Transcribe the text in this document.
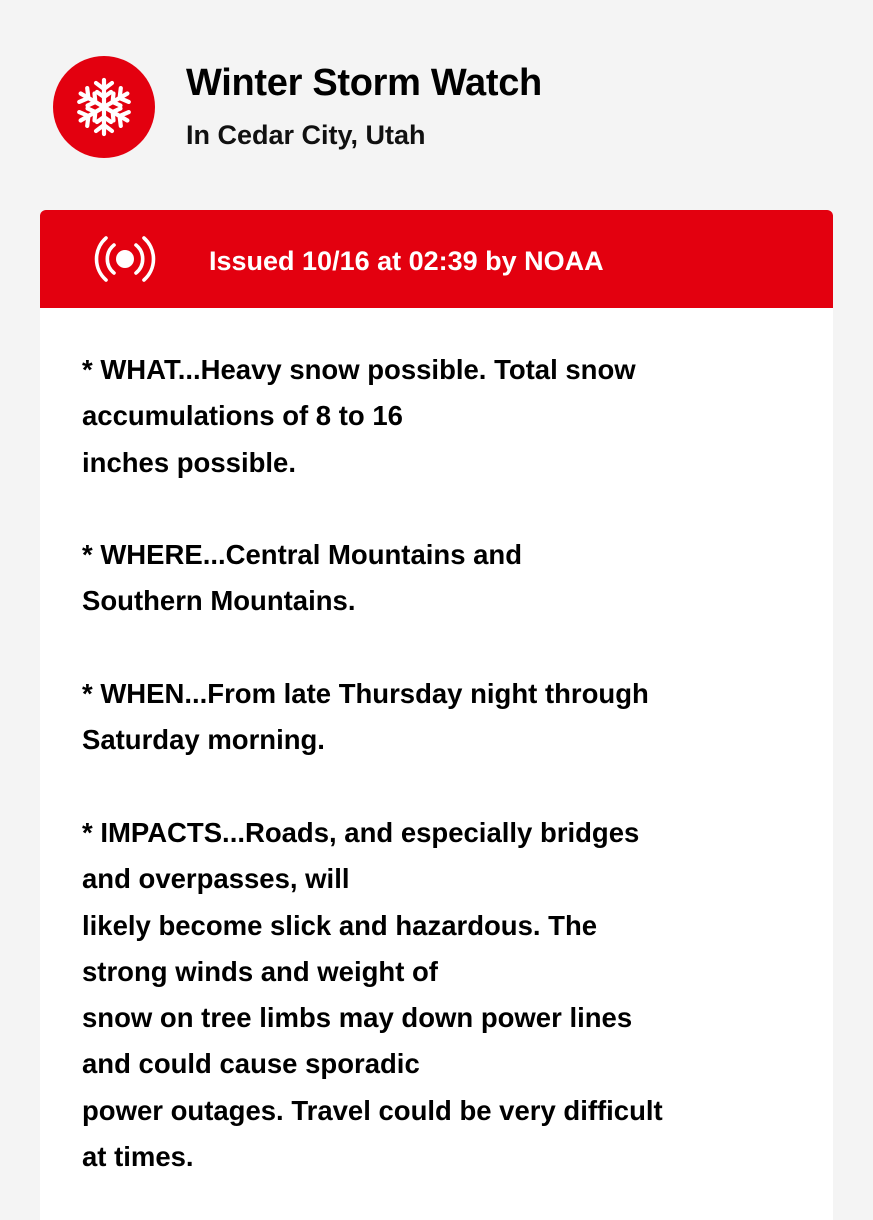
Winter Storm Watch
In Cedar City, Utah
Issued 10/16 at 02:39 by NOAA
* WHAT...Heavy snow possible. Total snow
accumulations of 8 to 16
inches possible.
* WHERE...Central Mountains and
Southern Mountains.
* WHEN...From late Thursday night through
Saturday morning.
* IMPACTS...Roads, and especially bridges
and overpasses, will
likely become slick and hazardous. The
strong winds and weight of
snow on tree limbs may down power lines
and could cause sporadic
power outages. Travel could be very difficult
at times.
